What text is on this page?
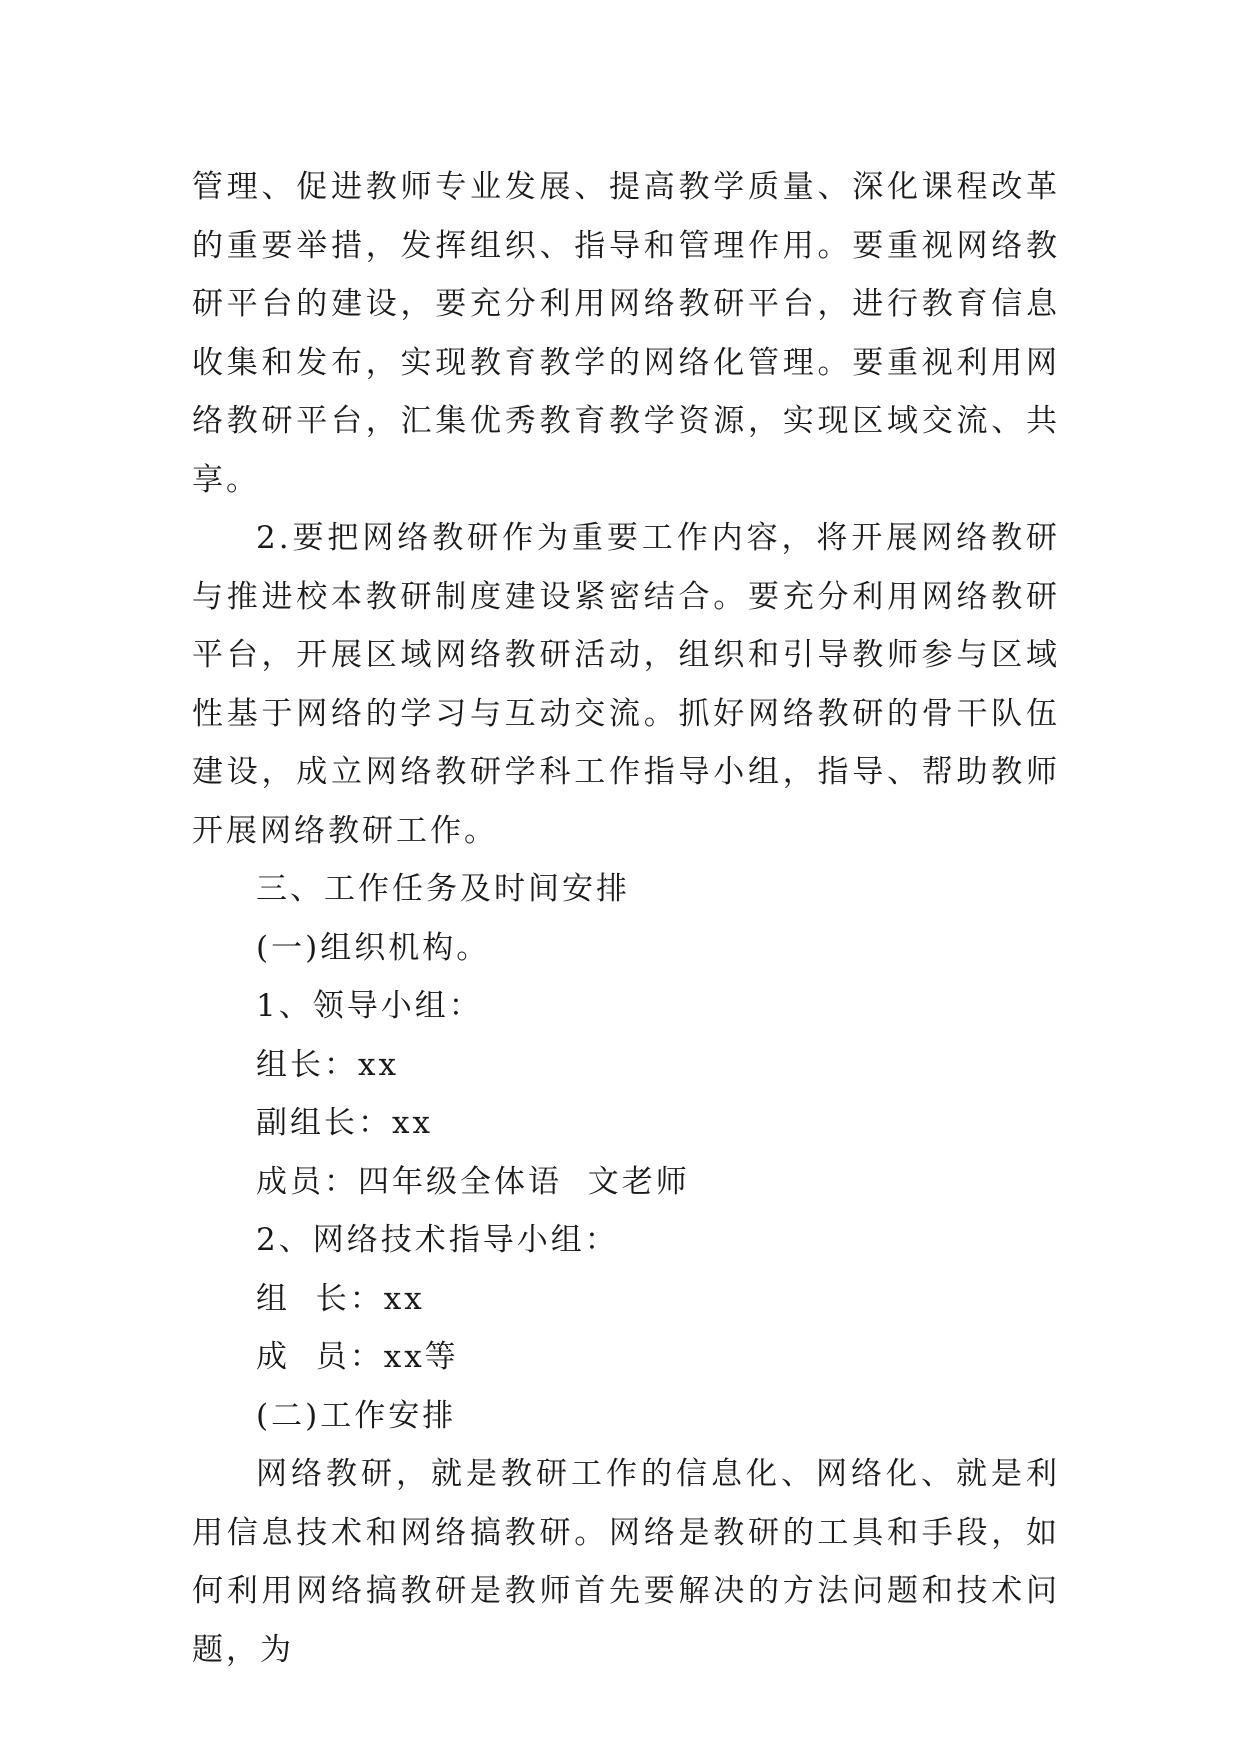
管理、促进教师专业发展、提高教学质量、深化课程改革的重要举措，发挥组织、指导和管理作用。要重视网络教研平台的建设，要充分利用网络教研平台，进行教育信息收集和发布，实现教育教学的网络化管理。要重视利用网络教研平台，汇集优秀教育教学资源，实现区域交流、共享。

2.要把网络教研作为重要工作内容，将开展网络教研与推进校本教研制度建设紧密结合。要充分利用网络教研平台，开展区域网络教研活动，组织和引导教师参与区域性基于网络的学习与互动交流。抓好网络教研的骨干队伍建设，成立网络教研学科工作指导小组，指导、帮助教师开展网络教研工作。

三、工作任务及时间安排

(一)组织机构。

1、领导小组：

组长：xx

副组长：xx

成员：四年级全体语  文老师

2、网络技术指导小组：

组  长：xx

成  员：xx等

(二)工作安排

网络教研，就是教研工作的信息化、网络化、就是利用信息技术和网络搞教研。网络是教研的工具和手段，如何利用网络搞教研是教师首先要解决的方法问题和技术问题，为
